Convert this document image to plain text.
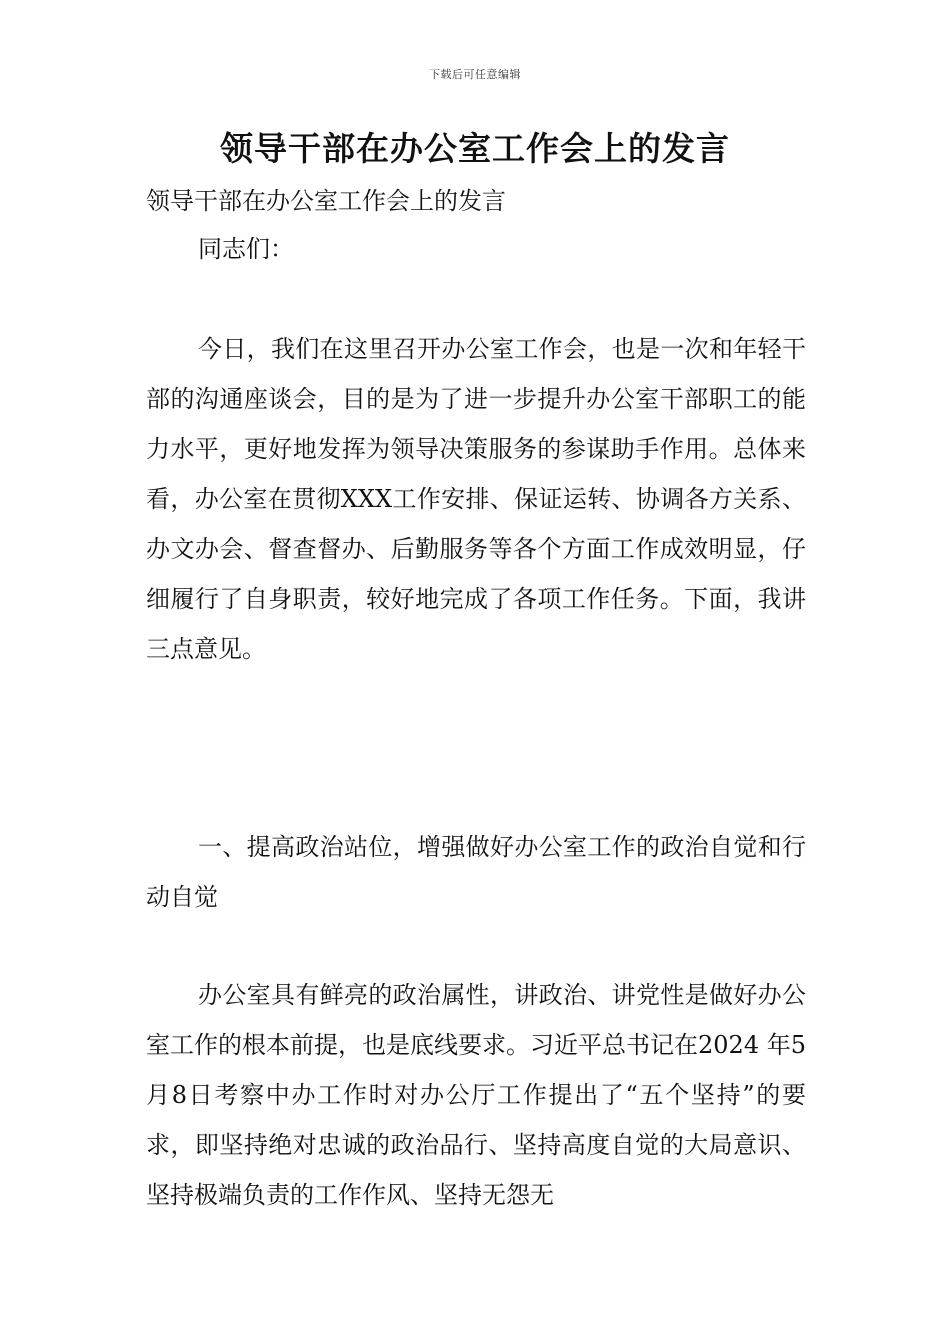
下载后可任意编辑
领导干部在办公室工作会上的发言

领导干部在办公室工作会上的发言

同志们：

今日，我们在这里召开办公室工作会，也是一次和年轻干部的沟通座谈会，目的是为了进一步提升办公室干部职工的能力水平，更好地发挥为领导决策服务的参谋助手作用。总体来看，办公室在贯彻XXX工作安排、保证运转、协调各方关系、办文办会、督查督办、后勤服务等各个方面工作成效明显，仔细履行了自身职责，较好地完成了各项工作任务。下面，我讲三点意见。

一、提高政治站位，增强做好办公室工作的政治自觉和行动自觉

办公室具有鲜亮的政治属性，讲政治、讲党性是做好办公室工作的根本前提，也是底线要求。习近平总书记在2024 年5月8日考察中办工作时对办公厅工作提出了“五个坚持”的要求，即坚持绝对忠诚的政治品行、坚持高度自觉的大局意识、坚持极端负责的工作作风、坚持无怨无
